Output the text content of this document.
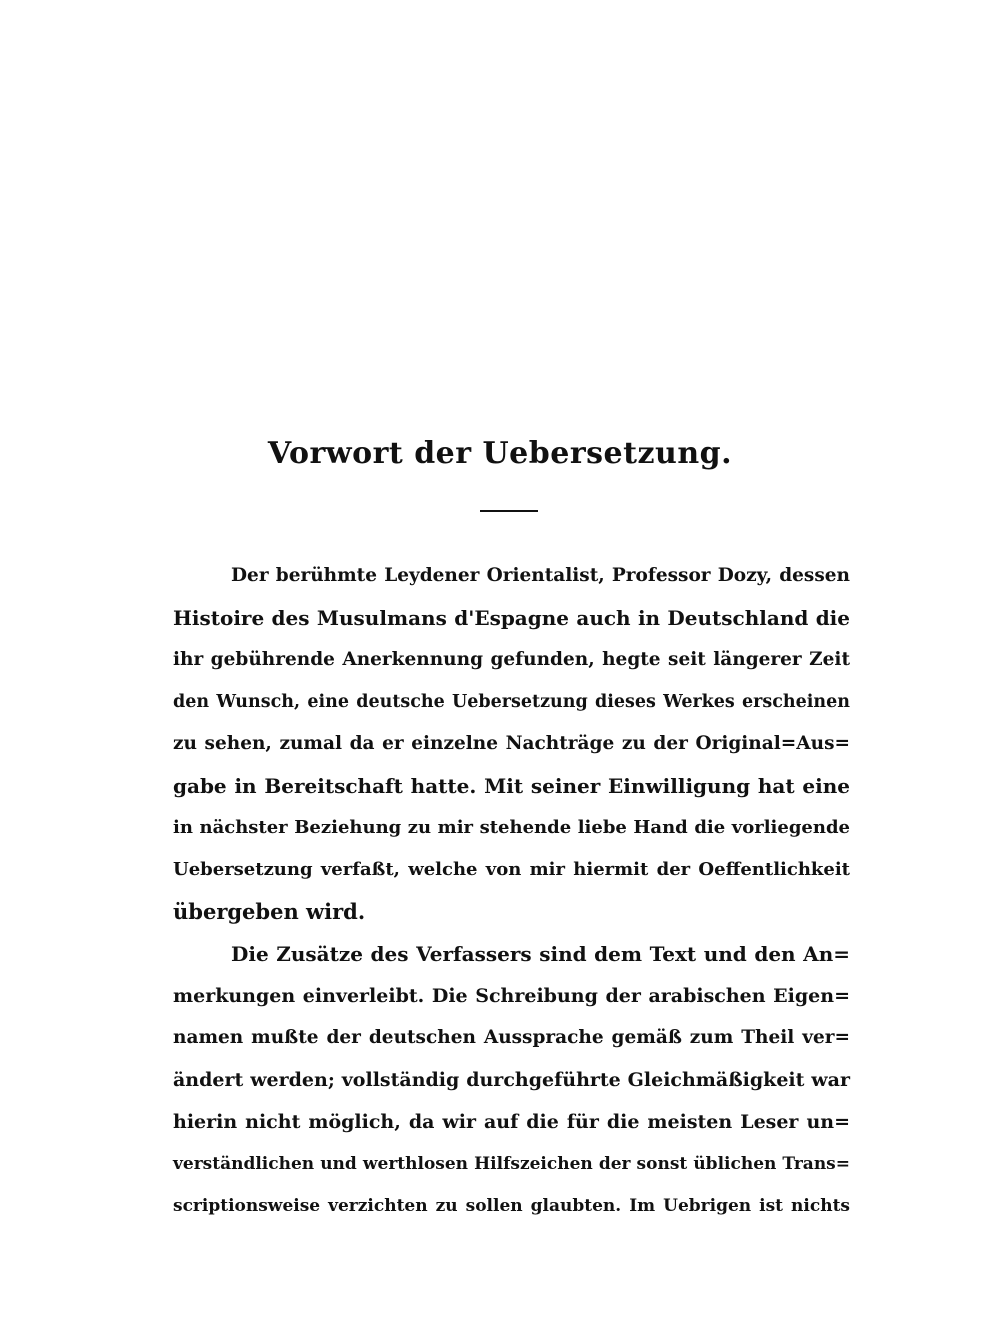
Vorwort der Uebersetzung.
Der berühmte Leydener Orientalist, Professor Dozy, dessen
Histoire des Musulmans d'Espagne auch in Deutschland die
ihr gebührende Anerkennung gefunden, hegte seit längerer Zeit
den Wunsch, eine deutsche Uebersetzung dieses Werkes erscheinen
zu sehen, zumal da er einzelne Nachträge zu der Original=Aus=
gabe in Bereitschaft hatte. Mit seiner Einwilligung hat eine
in nächster Beziehung zu mir stehende liebe Hand die vorliegende
Uebersetzung verfaßt, welche von mir hiermit der Oeffentlichkeit
übergeben wird.
Die Zusätze des Verfassers sind dem Text und den An=
merkungen einverleibt. Die Schreibung der arabischen Eigen=
namen mußte der deutschen Aussprache gemäß zum Theil ver=
ändert werden; vollständig durchgeführte Gleichmäßigkeit war
hierin nicht möglich, da wir auf die für die meisten Leser un=
verständlichen und werthlosen Hilfszeichen der sonst üblichen Trans=
scriptionsweise verzichten zu sollen glaubten. Im Uebrigen ist nichts
